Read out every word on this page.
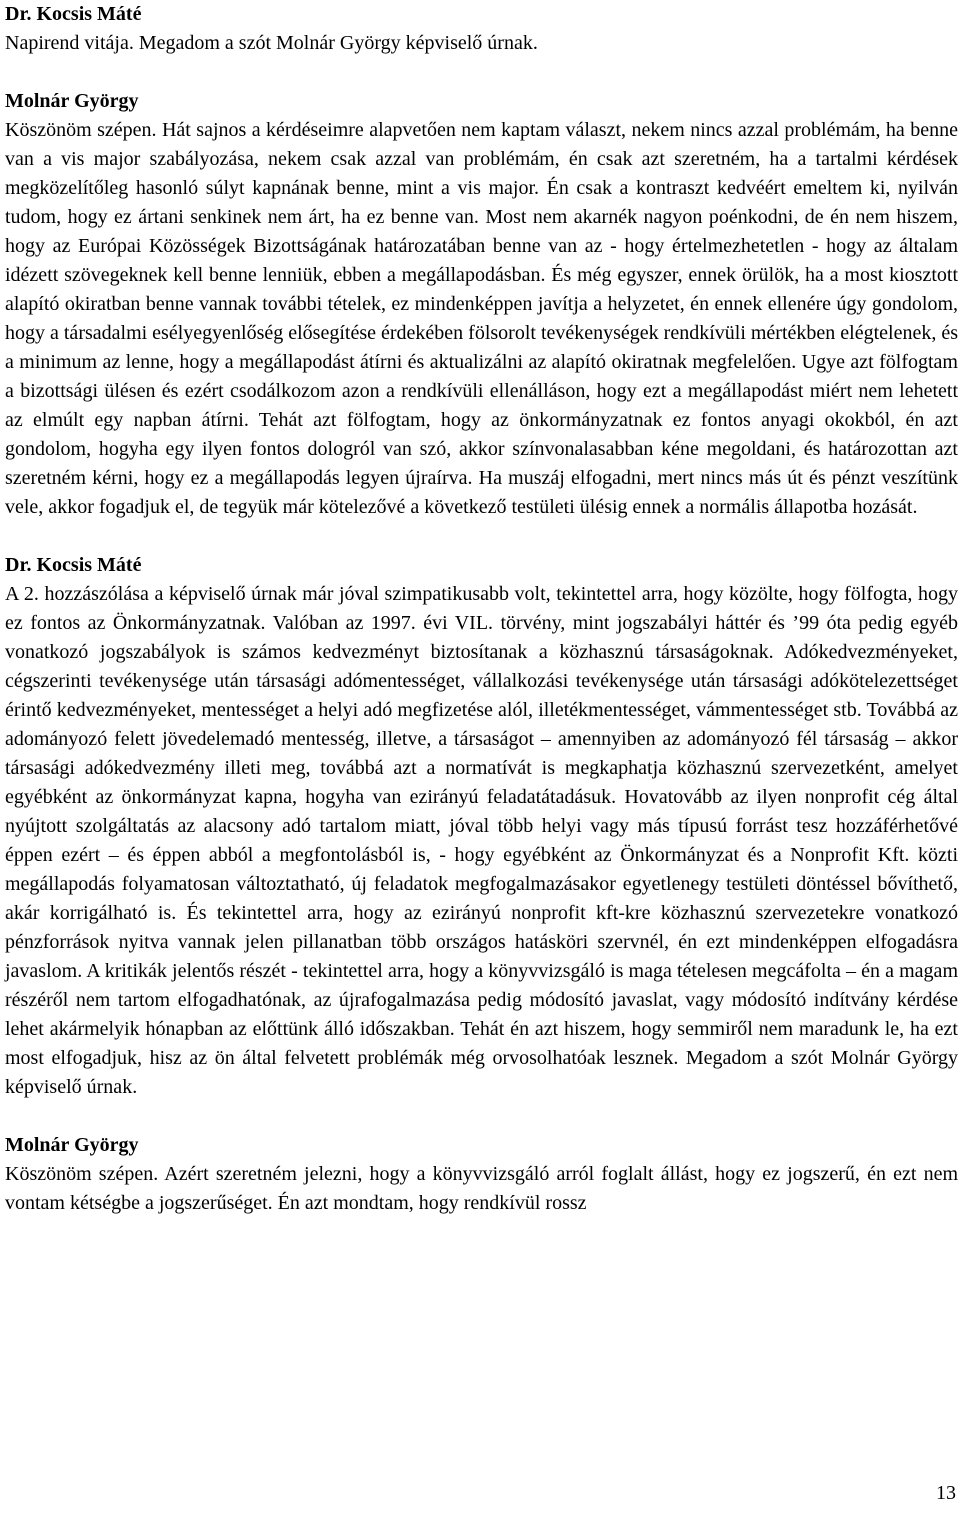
Dr. Kocsis Máté

Napirend vitája. Megadom a szót Molnár György képviselő úrnak.

Molnár György

Köszönöm szépen. Hát sajnos a kérdéseimre alapvetően nem kaptam választ, nekem nincs azzal problémám, ha benne van a vis major szabályozása, nekem csak azzal van problémám, én csak azt szeretném, ha a tartalmi kérdések megközelítőleg hasonló súlyt kapnának benne, mint a vis major. Én csak a kontraszt kedvéért emeltem ki, nyilván tudom, hogy ez ártani senkinek nem árt, ha ez benne van. Most nem akarnék nagyon poénkodni, de én nem hiszem, hogy az Európai Közösségek Bizottságának határozatában benne van az - hogy értelmezhetetlen - hogy az általam idézett szövegeknek kell benne lenniük, ebben a megállapodásban. És még egyszer, ennek örülök, ha a most kiosztott alapító okiratban benne vannak további tételek, ez mindenképpen javítja a helyzetet, én ennek ellenére úgy gondolom, hogy a társadalmi esélyegyenlőség elősegítése érdekében fölsorolt tevékenységek rendkívüli mértékben elégtelenek, és a minimum az lenne, hogy a megállapodást átírni és aktualizálni az alapító okiratnak megfelelően. Ugye azt fölfogtam a bizottsági ülésen és ezért csodálkozom azon a rendkívüli ellenálláson, hogy ezt a megállapodást miért nem lehetett az elmúlt egy napban átírni. Tehát azt fölfogtam, hogy az önkormányzatnak ez fontos anyagi okokból, én azt gondolom, hogyha egy ilyen fontos dologról van szó, akkor színvonalasabban kéne megoldani, és határozottan azt szeretném kérni, hogy ez a megállapodás legyen újraírva. Ha muszáj elfogadni, mert nincs más út és pénzt veszítünk vele, akkor fogadjuk el, de tegyük már kötelezővé a következő testületi ülésig ennek a normális állapotba hozását.

Dr. Kocsis Máté

A 2. hozzászólása a képviselő úrnak már jóval szimpatikusabb volt, tekintettel arra, hogy közölte, hogy fölfogta, hogy ez fontos az Önkormányzatnak. Valóban az 1997. évi VIL. törvény, mint jogszabályi háttér és ’99 óta pedig egyéb vonatkozó jogszabályok is számos kedvezményt biztosítanak a közhasznú társaságoknak. Adókedvezményeket, cégszerinti tevékenysége után társasági adómentességet, vállalkozási tevékenysége után társasági adókötelezettséget érintő kedvezményeket, mentességet a helyi adó megfizetése alól, illetékmentességet, vámmentességet stb. Továbbá az adományozó felett jövedelemadó mentesség, illetve, a társaságot – amennyiben az adományozó fél társaság – akkor társasági adókedvezmény illeti meg, továbbá azt a normatívát is megkaphatja közhasznú szervezetként, amelyet egyébként az önkormányzat kapna, hogyha van ezirányú feladatátadásuk. Hovatovább az ilyen nonprofit cég által nyújtott szolgáltatás az alacsony adó tartalom miatt, jóval több helyi vagy más típusú forrást tesz hozzáférhetővé éppen ezért – és éppen abból a megfontolásból is, - hogy egyébként az Önkormányzat és a Nonprofit Kft. közti megállapodás folyamatosan változtatható, új feladatok megfogalmazásakor egyetlenegy testületi döntéssel bővíthető, akár korrigálható is. És tekintettel arra, hogy az ezirányú nonprofit kft-kre közhasznú szervezetekre vonatkozó pénzforrások nyitva vannak jelen pillanatban több országos hatásköri szervnél, én ezt mindenképpen elfogadásra javaslom. A kritikák jelentős részét - tekintettel arra, hogy a könyvvizsgáló is maga tételesen megcáfolta – én a magam részéről nem tartom elfogadhatónak, az újrafogalmazása pedig módosító javaslat, vagy módosító indítvány kérdése lehet akármelyik hónapban az előttünk álló időszakban. Tehát én azt hiszem, hogy semmiről nem maradunk le, ha ezt most elfogadjuk, hisz az ön által felvetett problémák még orvosolhatóak lesznek. Megadom a szót Molnár György képviselő úrnak.

Molnár György

Köszönöm szépen. Azért szeretném jelezni, hogy a könyvvizsgáló arról foglalt állást, hogy ez jogszerű, én ezt nem vontam kétségbe a jogszerűséget. Én azt mondtam, hogy rendkívül rossz

13
